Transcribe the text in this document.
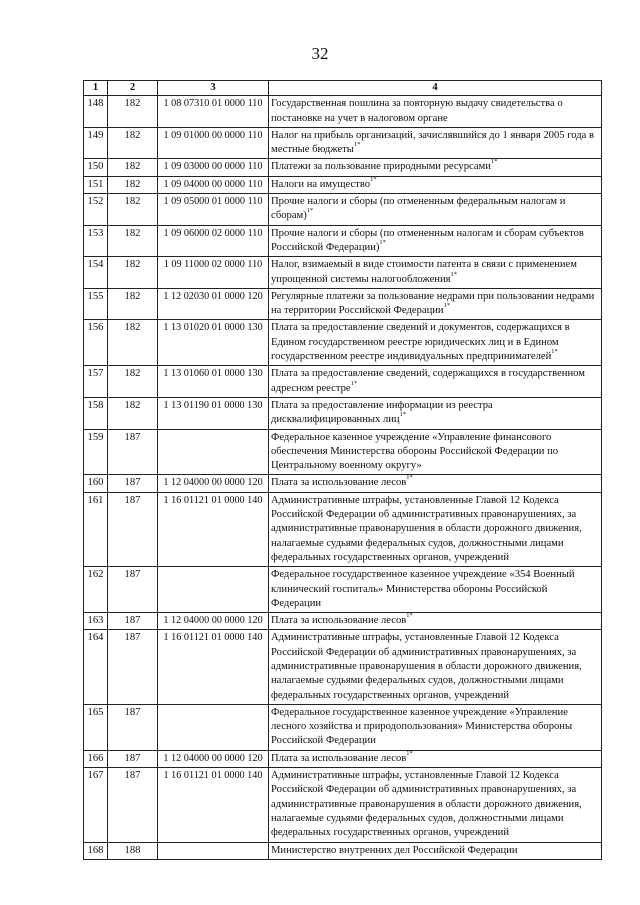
32
1	2	3	4
148	182	1 08 07310 01 0000 110	Государственная пошлина за повторную выдачу свидетельства о постановке на учет в налоговом органе
149	182	1 09 01000 00 0000 110	Налог на прибыль организаций, зачислявшийся до 1 января 2005 года в местные бюджеты$^{1*}$
150	182	1 09 03000 00 0000 110	Платежи за пользование природными ресурсами$^{1*}$
151	182	1 09 04000 00 0000 110	Налоги на имущество$^{1*}$
152	182	1 09 05000 01 0000 110	Прочие налоги и сборы (по отмененным федеральным налогам и сборам)$^{1*}$
153	182	1 09 06000 02 0000 110	Прочие налоги и сборы (по отмененным налогам и сборам субъектов Российской Федерации)$^{1*}$
154	182	1 09 11000 02 0000 110	Налог, взимаемый в виде стоимости патента в связи с применением упрощенной системы налогообложения$^{1*}$
155	182	1 12 02030 01 0000 120	Регулярные платежи за пользование недрами при пользовании недрами на территории Российской Федерации$^{1*}$
156	182	1 13 01020 01 0000 130	Плата за предоставление сведений и документов, содержащихся в Едином государственном реестре юридических лиц и в Едином государственном реестре индивидуальных предпринимателей$^{1*}$
157	182	1 13 01060 01 0000 130	Плата за предоставление сведений, содержащихся в государственном адресном реестре$^{1*}$
158	182	1 13 01190 01 0000 130	Плата за предоставление информации из реестра дисквалифицированных лиц$^{1*}$
159	187		Федеральное казенное учреждение «Управление финансового обеспечения Министерства обороны Российской Федерации по Центральному военному округу»
160	187	1 12 04000 00 0000 120	Плата за использование лесов$^{1*}$
161	187	1 16 01121 01 0000 140	Административные штрафы, установленные Главой 12 Кодекса Российской Федерации об административных правонарушениях, за административные правонарушения в области дорожного движения, налагаемые судьями федеральных судов, должностными лицами федеральных государственных органов, учреждений
162	187		Федеральное государственное казенное учреждение «354 Военный клинический госпиталь» Министерства обороны Российской Федерации
163	187	1 12 04000 00 0000 120	Плата за использование лесов$^{1*}$
164	187	1 16 01121 01 0000 140	Административные штрафы, установленные Главой 12 Кодекса Российской Федерации об административных правонарушениях, за административные правонарушения в области дорожного движения, налагаемые судьями федеральных судов, должностными лицами федеральных государственных органов, учреждений
165	187		Федеральное государственное казенное учреждение «Управление лесного хозяйства и природопользования» Министерства обороны Российской Федерации
166	187	1 12 04000 00 0000 120	Плата за использование лесов$^{1*}$
167	187	1 16 01121 01 0000 140	Административные штрафы, установленные Главой 12 Кодекса Российской Федерации об административных правонарушениях, за административные правонарушения в области дорожного движения, налагаемые судьями федеральных судов, должностными лицами федеральных государственных органов, учреждений
168	188		Министерство внутренних дел Российской Федерации
